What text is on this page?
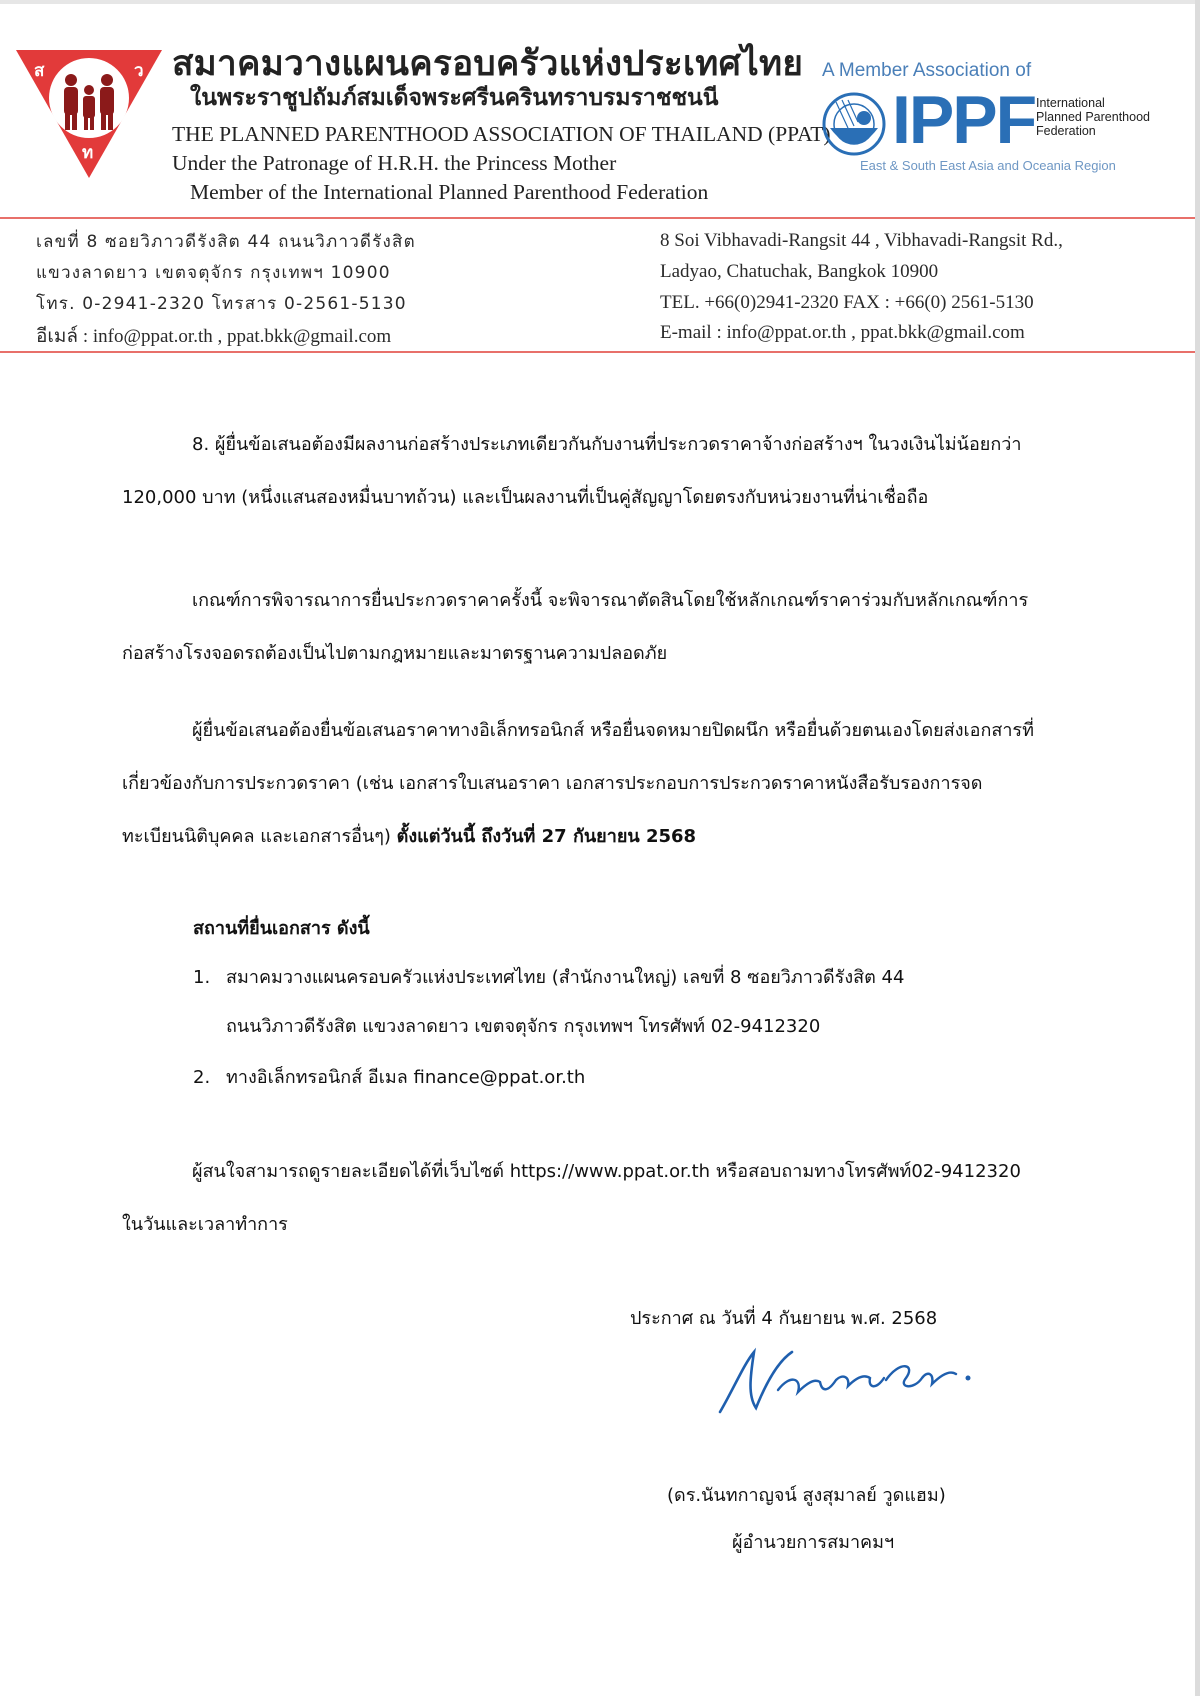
ส	ว
ท

สมาคมวางแผนครอบครัวแห่งประเทศไทย

ในพระราชูปถัมภ์สมเด็จพระศรีนครินทราบรมราชชนนี

THE PLANNED PARENTHOOD ASSOCIATION OF THAILAND (PPAT)

Under the Patronage of H.R.H. the Princess Mother

Member of the International Planned Parenthood Federation

A Member Association of
IPPF International
Planned Parenthood
Federation
East & South East Asia and Oceania Region

เลขที่ 8 ซอยวิภาวดีรังสิต 44 ถนนวิภาวดีรังสิต

แขวงลาดยาว เขตจตุจักร กรุงเทพฯ 10900

โทร. 0-2941-2320 โทรสาร 0-2561-5130

อีเมล์ : info@ppat.or.th , ppat.bkk@gmail.com

8 Soi Vibhavadi-Rangsit 44 , Vibhavadi-Rangsit Rd.,

Ladyao, Chatuchak, Bangkok 10900

TEL. +66(0)2941-2320 FAX : +66(0) 2561-5130

E-mail : info@ppat.or.th , ppat.bkk@gmail.com

8. ผู้ยื่นข้อเสนอต้องมีผลงานก่อสร้างประเภทเดียวกันกับงานที่ประกวดราคาจ้างก่อสร้างฯ ในวงเงินไม่น้อยกว่า 120,000 บาท (หนึ่งแสนสองหมื่นบาทถ้วน) และเป็นผลงานที่เป็นคู่สัญญาโดยตรงกับหน่วยงานที่น่าเชื่อถือ

เกณฑ์การพิจารณาการยื่นประกวดราคาครั้งนี้ จะพิจารณาตัดสินโดยใช้หลักเกณฑ์ราคาร่วมกับหลักเกณฑ์การก่อสร้างโรงจอดรถต้องเป็นไปตามกฎหมายและมาตรฐานความปลอดภัย

ผู้ยื่นข้อเสนอต้องยื่นข้อเสนอราคาทางอิเล็กทรอนิกส์ หรือยื่นจดหมายปิดผนึก หรือยื่นด้วยตนเองโดยส่งเอกสารที่เกี่ยวข้องกับการประกวดราคา (เช่น เอกสารใบเสนอราคา เอกสารประกอบการประกวดราคาหนังสือรับรองการจดทะเบียนนิติบุคคล และเอกสารอื่นๆ) ตั้งแต่วันนี้ ถึงวันที่ 27 กันยายน 2568

สถานที่ยื่นเอกสาร ดังนี้

1. สมาคมวางแผนครอบครัวแห่งประเทศไทย (สำนักงานใหญ่) เลขที่ 8 ซอยวิภาวดีรังสิต 44

ถนนวิภาวดีรังสิต แขวงลาดยาว เขตจตุจักร กรุงเทพฯ โทรศัพท์ 02-9412320

2. ทางอิเล็กทรอนิกส์ อีเมล finance@ppat.or.th

ผู้สนใจสามารถดูรายละเอียดได้ที่เว็บไซต์ https://www.ppat.or.th หรือสอบถามทางโทรศัพท์02-9412320 ในวันและเวลาทำการ

ประกาศ ณ วันที่ 4 กันยายน พ.ศ. 2568

(ดร.นันทกาญจน์ สูงสุมาลย์ วูดแฮม)

ผู้อำนวยการสมาคมฯ
